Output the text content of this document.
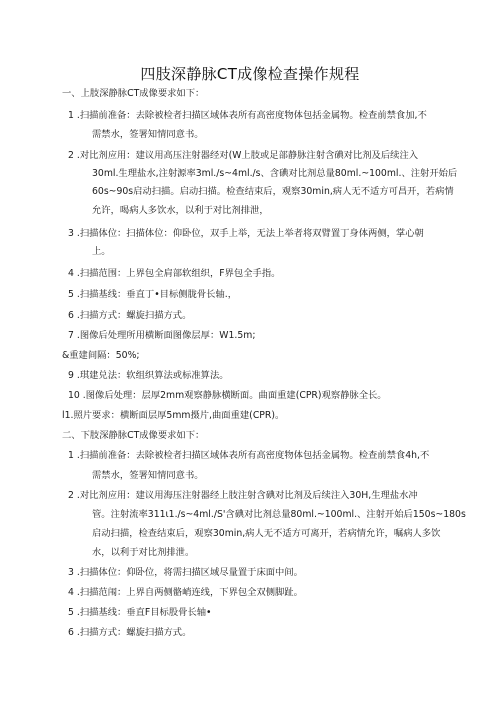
四肢深静脉CT成像检查操作规程
一、上肢深静脉CT成像要求如下：
1 .扫描前准备：去除被检者扫描区域体表所有高密度物体包括金属物。检查前禁食加,不
需禁水，签署知情同意书。
2 .对比剂应用：建议用高压注射器经对(W上肢或足部静脉注射含碘对比剂及后续注入
30ml.生理盐水,注射源率3ml./s~4ml./s、含碘对比剂总量80ml.~100ml.、注射开始后
60s~90s启动扫描。启动扫描。检查结束后，观察30min,病人无不适方可昌开，若病情
允许，喝病人多饮水，以利于对比剂排泄，
3 .扫描体位：扫描体位：仰卧位，双手上举，无法上举者将双臂置丁身体两侧，掌心朝
上。
4 .扫描范围：上界包全肩部软组织，F界包全手指。
5 .扫描基线：垂直丁•目标侧胧骨长轴.，
6 .扫描方式：螺旋扫描方式。
7 .图像后处理所用横断面图像层厚：W1.5m;
&重建间隔：50%;
9 .琪建兑法：软组织算法或标准算法。
10 .图像后处理：层厚2mm观察静脉横断面。曲面重建(CPR)观察静脉全长。
l1.照片要求：横断面层厚5mm摄片,曲面重建(CPR)。
二、下肢深静脉CT成像要求如下：
1 .扫描前准备：去除被检者扫描区域体表所有高密度物体包括金属物。检查前禁食4h,不
需禁水，签署知情同意书。
2 .对比剂应用：建议用海压注射器经上肢注射含碘对比剂及后续注入30H,生理盐水冲
管。注射流率311ι1./s~4ml./S'含碘对比剂总量80ml.~100ml.、注射开始后150s~180s
启动扫描，检查结束后，观察30min,病人无不适方可离开，若病情允许，嘱病人多饮
水，以利于对比剂排泄。
3 .扫描体位：仰卧位，将需扫描区域尽量置于床面中间。
4 .扫描范闱：上界自两侧骼峭连线，下界包全双侧脚趾。
5 .扫描基线：垂直F目标股骨长轴•
6 .扫描方式：螺旋扫描方式。
